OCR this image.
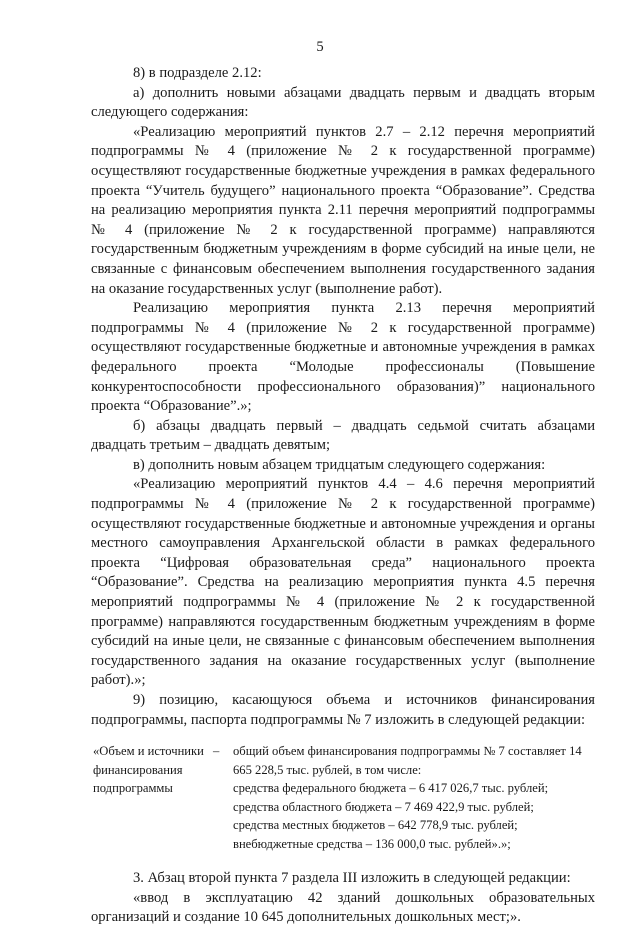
5

8) в подразделе 2.12:

а) дополнить новыми абзацами двадцать первым и двадцать вторым следующего содержания:

«Реализацию мероприятий пунктов 2.7 – 2.12 перечня мероприятий подпрограммы № 4 (приложение № 2 к государственной программе) осуществляют государственные бюджетные учреждения в рамках федерального проекта “Учитель будущего” национального проекта “Образование”. Средства на реализацию мероприятия пункта 2.11 перечня мероприятий подпрограммы № 4 (приложение № 2 к государственной программе) направляются государственным бюджетным учреждениям в форме субсидий на иные цели, не связанные с финансовым обеспечением выполнения государственного задания на оказание государственных услуг (выполнение работ).

Реализацию мероприятия пункта 2.13 перечня мероприятий подпрограммы № 4 (приложение № 2 к государственной программе) осуществляют государственные бюджетные и автономные учреждения в рамках федерального проекта “Молодые профессионалы (Повышение конкурентоспособности профессионального образования)” национального проекта “Образование”.»;

б) абзацы двадцать первый – двадцать седьмой считать абзацами двадцать третьим – двадцать девятым;

в) дополнить новым абзацем тридцатым следующего содержания:

«Реализацию мероприятий пунктов 4.4 – 4.6 перечня мероприятий подпрограммы № 4 (приложение № 2 к государственной программе) осуществляют государственные бюджетные и автономные учреждения и органы местного самоуправления Архангельской области в рамках федерального проекта “Цифровая образовательная среда” национального проекта “Образование”. Средства на реализацию мероприятия пункта 4.5 перечня мероприятий подпрограммы № 4 (приложение № 2 к государственной программе) направляются государственным бюджетным учреждениям в форме субсидий на иные цели, не связанные с финансовым обеспечением выполнения государственного задания на оказание государственных услуг (выполнение работ).»;

9) позицию, касающуюся объема и источников финансирования подпрограммы, паспорта подпрограммы № 7 изложить в следующей редакции:

«Объем и источники финансирования подпрограммы
–	общий объем финансирования подпрограммы № 7 составляет 14 665 228,5 тыс. рублей, в том числе:

средства федерального бюджета – 6 417 026,7 тыс. рублей;

средства областного бюджета – 7 469 422,9 тыс. рублей;

средства местных бюджетов – 642 778,9 тыс. рублей;

внебюджетные средства – 136 000,0 тыс. рублей».»;

3. Абзац второй пункта 7 раздела III изложить в следующей редакции:

«ввод в эксплуатацию 42 зданий дошкольных образовательных организаций и создание 10 645 дополнительных дошкольных мест;».
